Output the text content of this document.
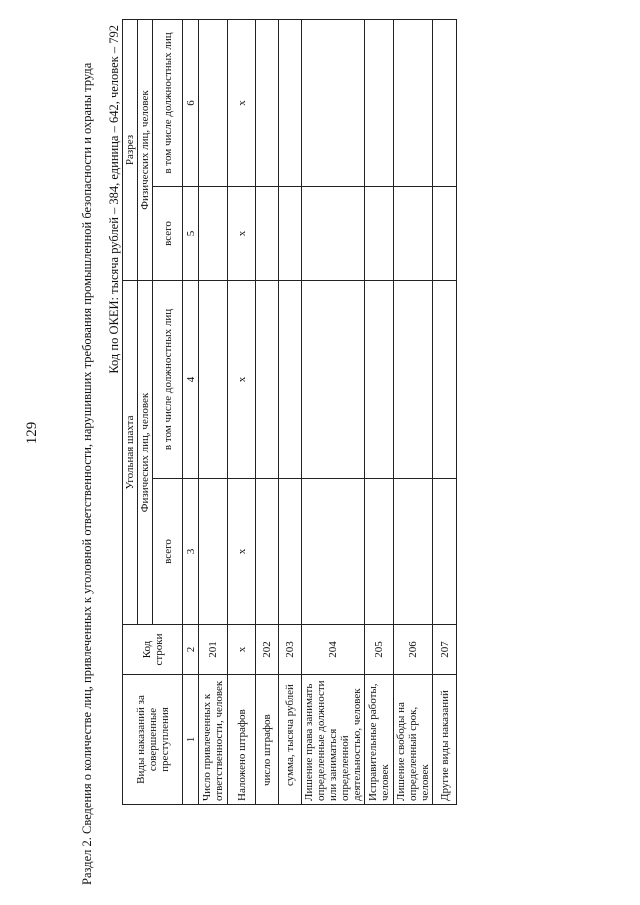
129	Раздел 2. Сведения о количестве лиц, привлеченных к уголовной ответственности, нарушивших требования промышленной безопасности и охраны труда Код по ОКЕИ: тысяча рублей – 384, единица – 642, человек – 792
Виды наказаний за совершенные преступления	Код строки	Угольная шахта		Разрез	
		Физических лиц, человек		Физических лиц, человек	
		всего	в том числе должностных лиц	всего	в том числе должностных лиц
1	2	3	4	5	6
Число привлеченных к ответственности, человек	201				
Наложено штрафов	х	х	х	х	х
число штрафов	202				
сумма, тысяча рублей	203				
Лишение права занимать определенные должности или заниматься определенной деятельностью, человек	204				
Исправительные работы, человек	205				
Лишение свободы на определенный срок, человек	206				
Другие виды наказаний	207				
